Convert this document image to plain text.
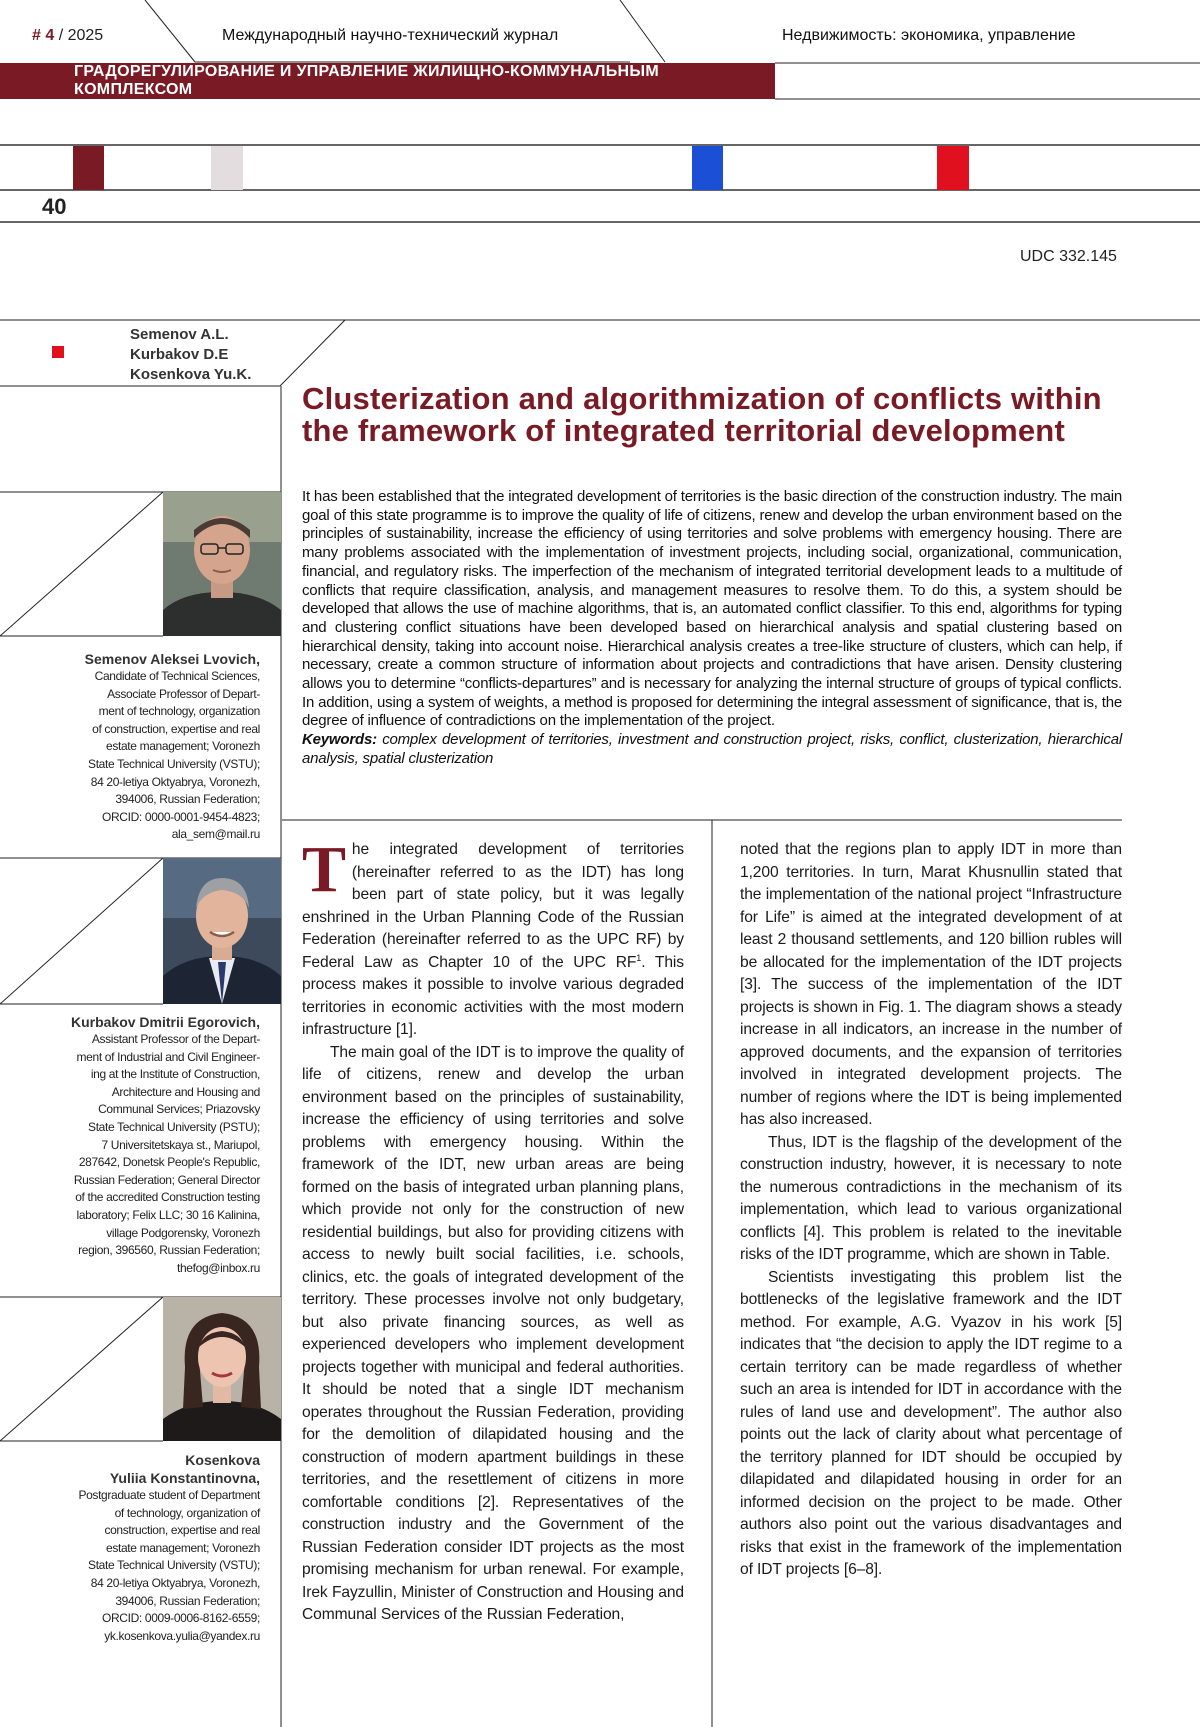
# 4 / 2025	Международный научно-технический журнал	Недвижимость: экономика, управление
ГРАДОРЕГУЛИРОВАНИЕ И УПРАВЛЕНИЕ ЖИЛИЩНО-КОММУНАЛЬНЫМ КОМПЛЕКСОМ
40
UDC 332.145
Semenov A.L.
Kurbakov D.E
Kosenkova Yu.K.
Clusterization and algorithmization of conflicts within the framework of integrated territorial development
It has been established that the integrated development of territories is the basic direction of the construction industry. The main goal of this state programme is to improve the quality of life of citizens, renew and develop the urban environment based on the principles of sustainability, increase the efficiency of using territories and solve problems with emergency housing. There are many problems associated with the implementation of investment projects, including social, organizational, communication, financial, and regulatory risks. The imperfection of the mechanism of integrated territorial development leads to a multitude of conflicts that require classification, analysis, and management measures to resolve them. To do this, a system should be developed that allows the use of machine algorithms, that is, an automated conflict classifier. To this end, algorithms for typing and clustering conflict situations have been developed based on hierarchical analysis and spatial clustering based on hierarchical density, taking into account noise. Hierarchical analysis creates a tree-like structure of clusters, which can help, if necessary, create a common structure of information about projects and contradictions that have arisen. Density clustering allows you to determine “conflicts-departures” and is necessary for analyzing the internal structure of groups of typical conflicts. In addition, using a system of weights, a method is proposed for determining the integral assessment of significance, that is, the degree of influence of contradictions on the implementation of the project.
Keywords: complex development of territories, investment and construction project, risks, conflict, clusterization, hierarchical analysis, spatial clusterization
Semenov Aleksei Lvovich,
Candidate of Technical Sciences,
Associate Professor of Depart-
ment of technology, organization
of construction, expertise and real
estate management; Voronezh
State Technical University (VSTU);
84 20-letiya Oktyabrya, Voronezh,
394006, Russian Federation;
ORCID: 0000-0001-9454-4823;
ala_sem@mail.ru
Kurbakov Dmitrii Egorovich,
Assistant Professor of the Depart-
ment of Industrial and Civil Engineer-
ing at the Institute of Construction,
Architecture and Housing and
Communal Services; Priazovsky
State Technical University (PSTU);
7 Universitetskaya st., Mariupol,
287642, Donetsk People's Republic,
Russian Federation; General Director
of the accredited Construction testing
laboratory; Felix LLC; 30 16 Kalinina,
village Podgorensky, Voronezh
region, 396560, Russian Federation;
thefog@inbox.ru
Kosenkova
Yuliia Konstantinovna,
Postgraduate student of Department
of technology, organization of
construction, expertise and real
estate management; Voronezh
State Technical University (VSTU);
84 20-letiya Oktyabrya, Voronezh,
394006, Russian Federation;
ORCID: 0009-0006-8162-6559;
yk.kosenkova.yulia@yandex.ru

The integrated development of territories (hereinafter referred to as the IDT) has long been part of state policy, but it was legally enshrined in the Urban Planning Code of the Russian Federation (hereinafter referred to as the UPC RF) by Federal Law as Chapter 10 of the UPC $RF^1$. This process makes it possible to involve various degraded territories in economic activities with the most modern infrastructure [1].

The main goal of the IDT is to improve the quality of life of citizens, renew and develop the urban environment based on the principles of sustainability, increase the efficiency of using territories and solve problems with emergency housing. Within the framework of the IDT, new urban areas are being formed on the basis of integrated urban planning plans, which provide not only for the construction of new residential buildings, but also for providing citizens with access to newly built social facilities, i.e. schools, clinics, etc. the goals of integrated development of the territory. These processes involve not only budgetary, but also private financing sources, as well as experienced developers who implement development projects together with municipal and federal authorities. It should be noted that a single IDT mechanism operates throughout the Russian Federation, providing for the demolition of dilapidated housing and the construction of modern apartment buildings in these territories, and the resettlement of citizens in more comfortable conditions [2]. Representatives of the construction industry and the Government of the Russian Federation consider IDT projects as the most promising mechanism for urban renewal. For example, Irek Fayzullin, Minister of Construction and Housing and Communal Services of the Russian Federation,

noted that the regions plan to apply IDT in more than 1,200 territories. In turn, Marat Khusnullin stated that the implementation of the national project “Infrastructure for Life” is aimed at the integrated development of at least 2 thousand settlements, and 120 billion rubles will be allocated for the implementation of the IDT projects [3]. The success of the implementation of the IDT projects is shown in Fig. 1. The diagram shows a steady increase in all indicators, an increase in the number of approved documents, and the expansion of territories involved in integrated development projects. The number of regions where the IDT is being implemented has also increased.

Thus, IDT is the flagship of the development of the construction industry, however, it is necessary to note the numerous contradictions in the mechanism of its implementation, which lead to various organizational conflicts [4]. This problem is related to the inevitable risks of the IDT programme, which are shown in Table.

Scientists investigating this problem list the bottlenecks of the legislative framework and the IDT method. For example, A.G. Vyazov in his work [5] indicates that “the decision to apply the IDT regime to a certain territory can be made regardless of whether such an area is intended for IDT in accordance with the rules of land use and development”. The author also points out the lack of clarity about what percentage of the territory planned for IDT should be occupied by dilapidated and dilapidated housing in order for an informed decision on the project to be made. Other authors also point out the various disadvantages and risks that exist in the framework of the implementation of IDT projects [6–8].
